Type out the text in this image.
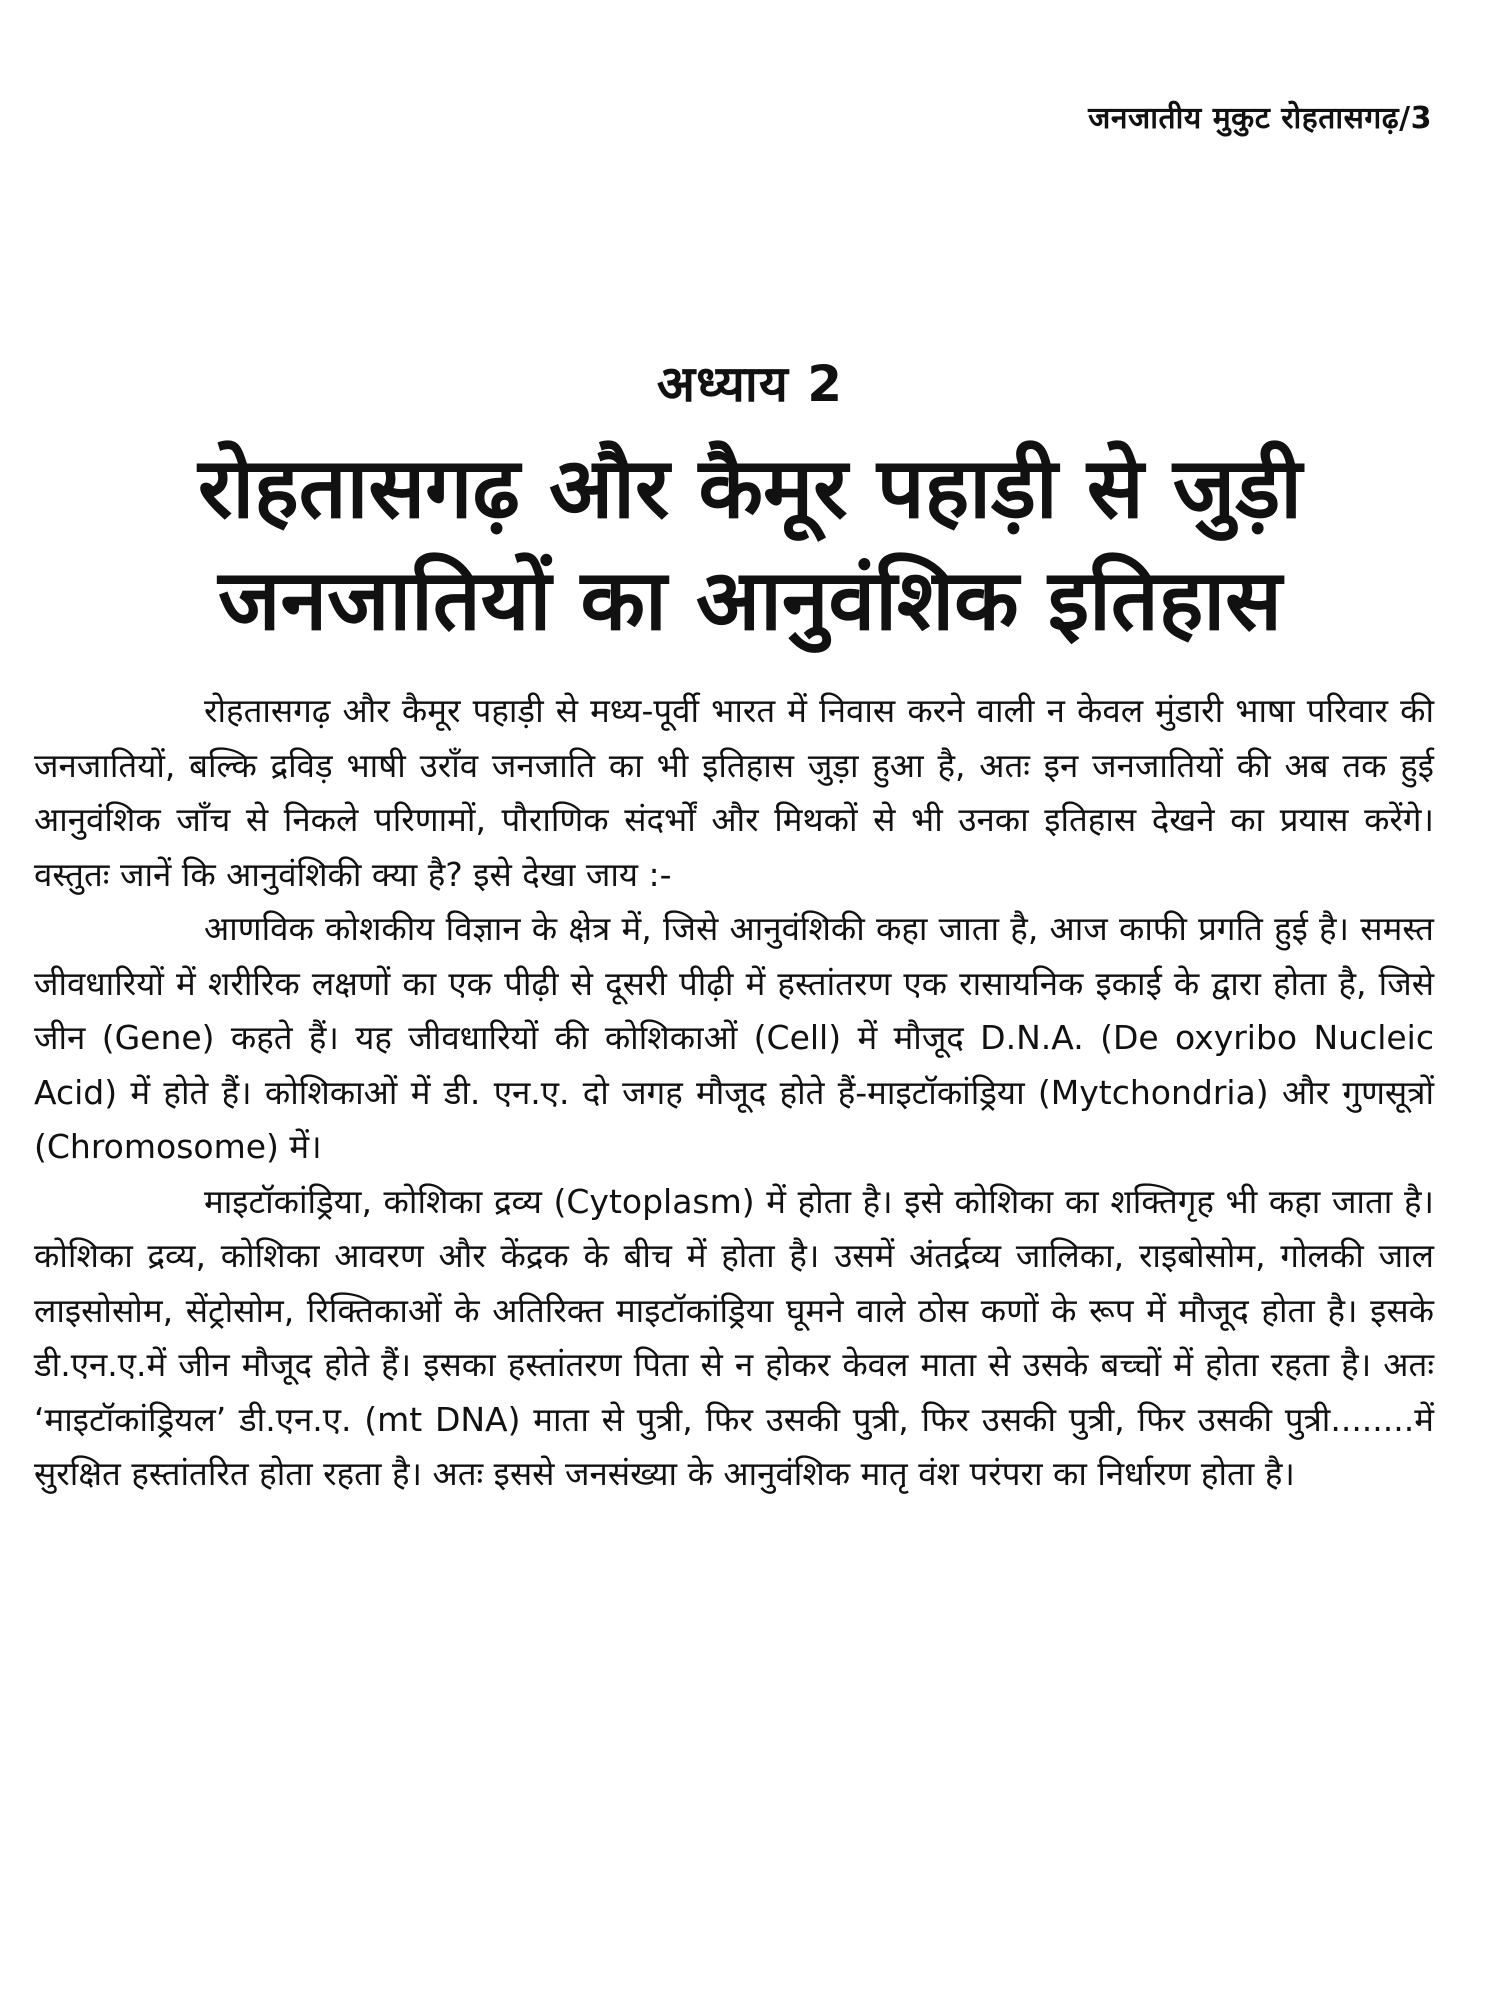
जनजातीय मुकुट रोहतासगढ़/3
अध्याय 2
रोहतासगढ़ और कैमूर पहाड़ी से जुड़ी
जनजातियों का आनुवंशिक इतिहास

रोहतासगढ़ और कैमूर पहाड़ी से मध्य-पूर्वी भारत में निवास करने वाली न केवल मुंडारी भाषा परिवार की जनजातियों, बल्कि द्रविड़ भाषी उराँव जनजाति का भी इतिहास जुड़ा हुआ है, अतः इन जनजातियों की अब तक हुई आनुवंशिक जाँच से निकले परिणामों, पौराणिक संदर्भों और मिथकों से भी उनका इतिहास देखने का प्रयास करेंगे। वस्तुतः जानें कि आनुवंशिकी क्या है? इसे देखा जाय :-

आणविक कोशकीय विज्ञान के क्षेत्र में, जिसे आनुवंशिकी कहा जाता है, आज काफी प्रगति हुई है। समस्त जीवधारियों में शरीरिक लक्षणों का एक पीढ़ी से दूसरी पीढ़ी में हस्तांतरण एक रासायनिक इकाई के द्वारा होता है, जिसे जीन (Gene) कहते हैं। यह जीवधारियों की कोशिकाओं (Cell) में मौजूद D.N.A. (De oxyribo Nucleic Acid) में होते हैं। कोशिकाओं में डी. एन.ए. दो जगह मौजूद होते हैं-माइटॉकांड्रिया (Mytchondria) और गुणसूत्रों (Chromosome) में।

माइटॉकांड्रिया, कोशिका द्रव्य (Cytoplasm) में होता है। इसे कोशिका का शक्तिगृह भी कहा जाता है। कोशिका द्रव्य, कोशिका आवरण और केंद्रक के बीच में होता है। उसमें अंतर्द्रव्य जालिका, राइबोसोम, गोलकी जाल लाइसोसोम, सेंट्रोसोम, रिक्तिकाओं के अतिरिक्त माइटॉकांड्रिया घूमने वाले ठोस कणों के रूप में मौजूद होता है। इसके डी.एन.ए.में जीन मौजूद होते हैं। इसका हस्तांतरण पिता से न होकर केवल माता से उसके बच्चों में होता रहता है। अतः ‘माइटॉकांड्रियल’ डी.एन.ए. (mt DNA) माता से पुत्री, फिर उसकी पुत्री, फिर उसकी पुत्री, फिर उसकी पुत्री........में सुरक्षित हस्तांतरित होता रहता है। अतः इससे जनसंख्या के आनुवंशिक मातृ वंश परंपरा का निर्धारण होता है।
